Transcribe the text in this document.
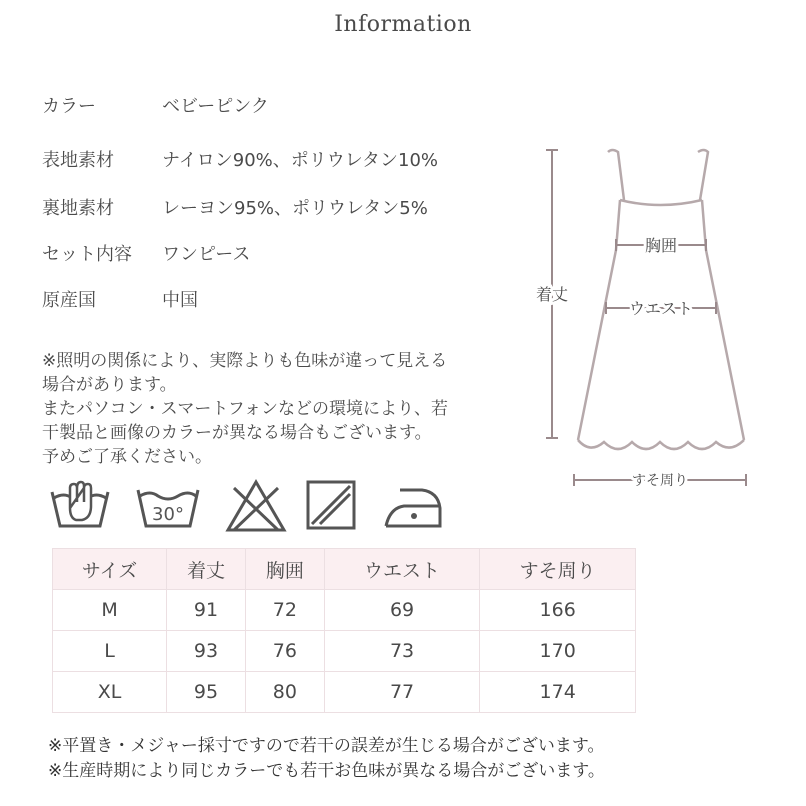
Information
カラー	ベビーピンク
表地素材	ナイロン90%、ポリウレタン10%
裏地素材	レーヨン95%、ポリウレタン5%
セット内容 ワンピース
原産国	中国
※照明の関係により、実際よりも色味が違って見える
場合があります。
またパソコン・スマートフォンなどの環境により、若
干製品と画像のカラーが異なる場合もございます。
予めご了承ください。
30°
着丈
胸囲
ウエスト
すそ周り
サイズ	着丈	胸囲	ウエスト	すそ周り
M	91	72	69	166
L	93	76	73	170
XL	95	80	77	174
※平置き・メジャー採寸ですので若干の誤差が生じる場合がございます。
※生産時期により同じカラーでも若干お色味が異なる場合がございます。
